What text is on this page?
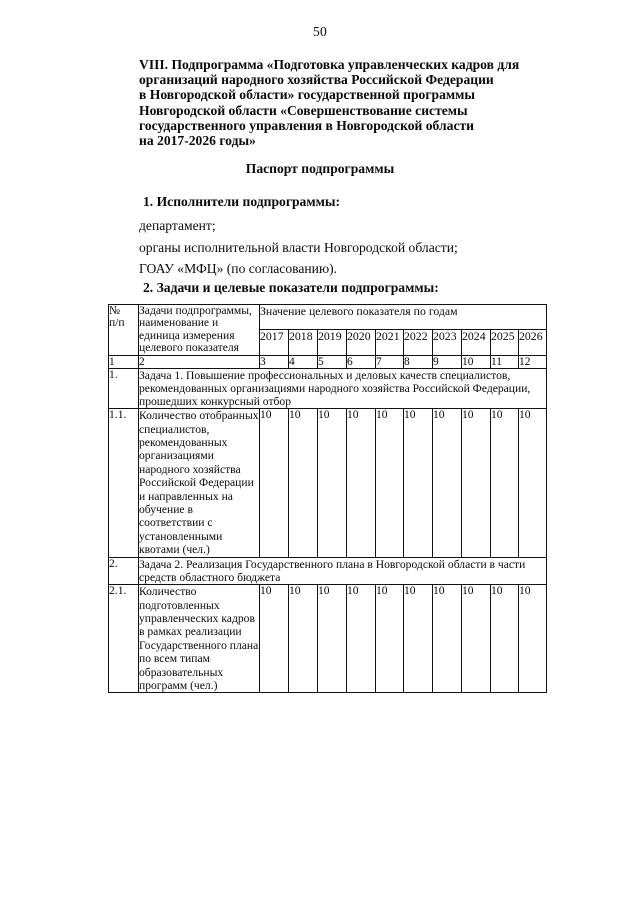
50
VIII. Подпрограмма «Подготовка управленческих кадров для
организаций народного хозяйства Российской Федерации
в Новгородской области» государственной программы
Новгородской области «Совершенствование системы
государственного управления в Новгородской области
на 2017-2026 годы»
Паспорт подпрограммы
1. Исполнители подпрограммы:
департамент;
органы исполнительной власти Новгородской области;
ГОАУ «МФЦ» (по согласованию).
2. Задачи и целевые показатели подпрограммы:
№
п/п	Задачи подпрограммы, наименование и единица измерения целевого показателя	Значение целевого показателя по годам									
		2017	2018	2019	2020	2021	2022	2023	2024	2025	2026
1	2	3	4	5	6	7	8	9	10	11	12
1.	Задача 1. Повышение профессиональных и деловых качеств специалистов, рекомендованных организациями народного хозяйства Российской Федерации, прошедших конкурсный отбор										
1.1.	Количество отобранных специалистов, рекомендованных организациями народного хозяйства Российской Федерации и направленных на обучение в соответствии с установленными квотами (чел.)	10	10	10	10	10	10	10	10	10	10
2.	Задача 2. Реализация Государственного плана в Новгородской области в части средств областного бюджета										
2.1.	Количество подготовленных управленческих кадров в рамках реализации Государственного плана по всем типам образовательных программ (чел.)	10	10	10	10	10	10	10	10	10	10
